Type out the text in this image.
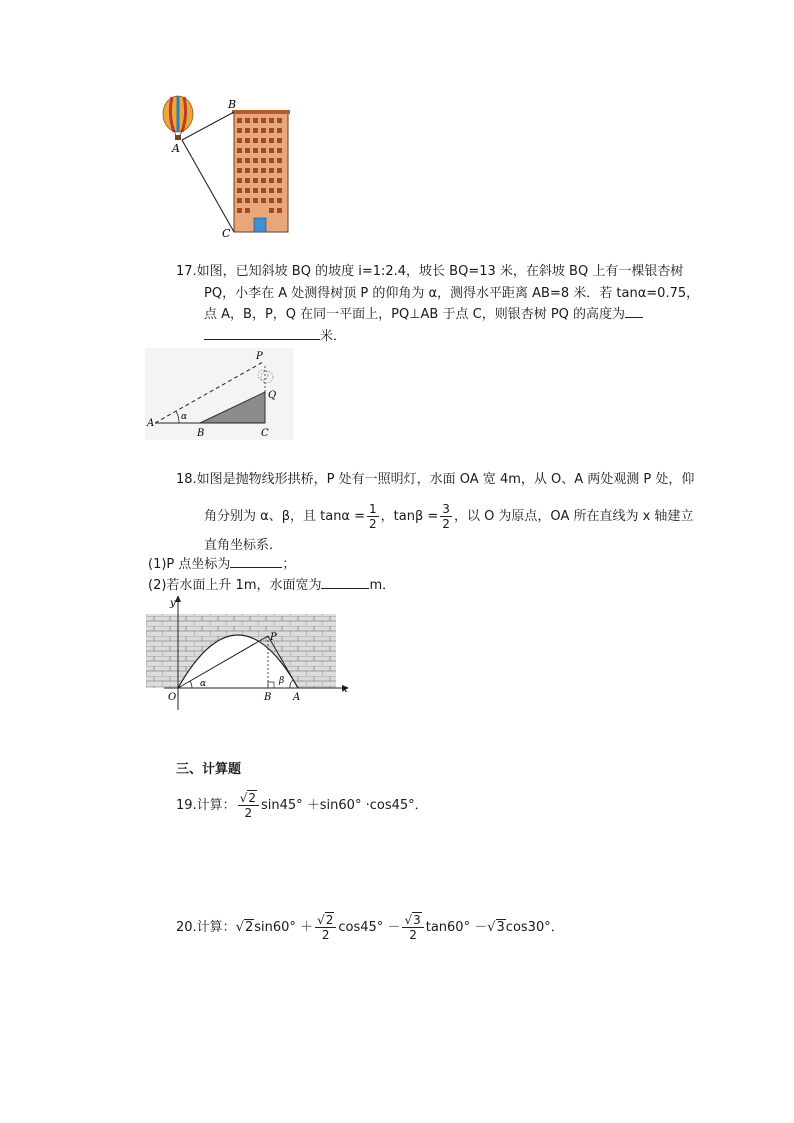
A
B
C
17.如图，已知斜坡 BQ 的坡度 i=1:2.4，坡长 BQ=13 米，在斜坡 BQ 上有一棵银杏树
PQ，小李在 A 处测得树顶 P 的仰角为 α，测得水平距离 AB=8 米．若 tanα=0.75，
点 A，B，P，Q 在同一平面上，PQ⊥AB 于点 C，则银杏树 PQ 的高度为
米．
A
α
B	C
P
Q
18.如图是抛物线形拱桥，P 处有一照明灯，水面 OA 宽 4m，从 O、A 两处观测 P 处，仰
角分别为 α、β，且 $\tan\alpha = \frac{1}{2}$ ，$\tan\beta = \frac{3}{2}$ ，以 O 为原点，OA 所在直线为 x 轴建立
直角坐标系．
(1)P 点坐标为	；
(2)若水面上升 1m，水面宽为	m．
y
x
O
α
B
β
A
P
三、计算题
19.计算： $\frac{√2}{2} \sin 45^\circ +\sin 60^\circ \cdot\cos 45^\circ$．
20.计算：$√2\sin 60^\circ + \frac{√2}{2} \cos 45^\circ - \frac{√3}{2} \tan 60^\circ -√3\cos 30^\circ$．
